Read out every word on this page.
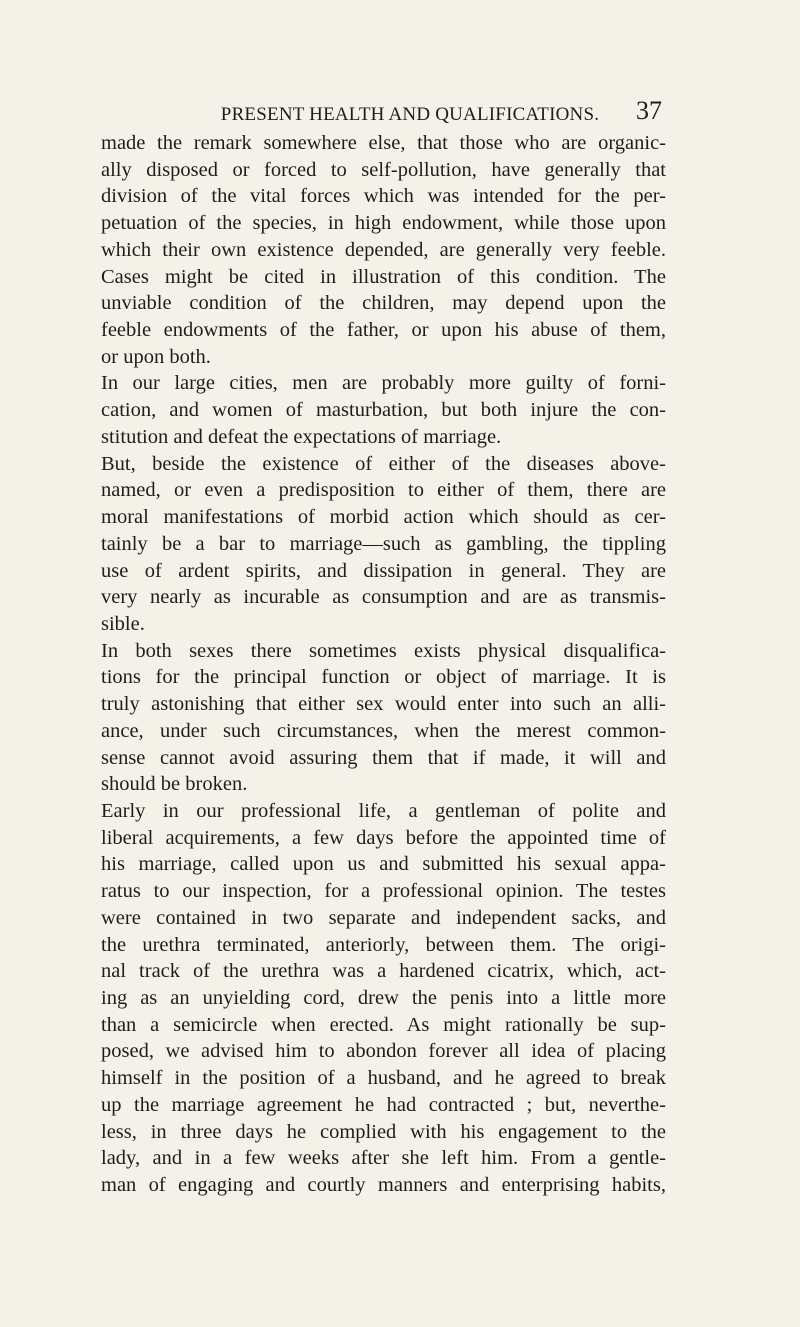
PRESENT HEALTH AND QUALIFICATIONS.	37
made the remark somewhere else, that those who are organic-
ally disposed or forced to self-pollution, have generally that
division of the vital forces which was intended for the per-
petuation of the species, in high endowment, while those upon
which their own existence depended, are generally very feeble.
Cases might be cited in illustration of this condition. The
unviable condition of the children, may depend upon the
feeble endowments of the father, or upon his abuse of them,
or upon both.
In our large cities, men are probably more guilty of forni-
cation, and women of masturbation, but both injure the con-
stitution and defeat the expectations of marriage.
But, beside the existence of either of the diseases above-
named, or even a predisposition to either of them, there are
moral manifestations of morbid action which should as cer-
tainly be a bar to marriage—such as gambling, the tippling
use of ardent spirits, and dissipation in general. They are
very nearly as incurable as consumption and are as transmis-
sible.
In both sexes there sometimes exists physical disqualifica-
tions for the principal function or object of marriage. It is
truly astonishing that either sex would enter into such an alli-
ance, under such circumstances, when the merest common-
sense cannot avoid assuring them that if made, it will and
should be broken.
Early in our professional life, a gentleman of polite and
liberal acquirements, a few days before the appointed time of
his marriage, called upon us and submitted his sexual appa-
ratus to our inspection, for a professional opinion. The testes
were contained in two separate and independent sacks, and
the urethra terminated, anteriorly, between them. The origi-
nal track of the urethra was a hardened cicatrix, which, act-
ing as an unyielding cord, drew the penis into a little more
than a semicircle when erected. As might rationally be sup-
posed, we advised him to abondon forever all idea of placing
himself in the position of a husband, and he agreed to break
up the marriage agreement he had contracted ; but, neverthe-
less, in three days he complied with his engagement to the
lady, and in a few weeks after she left him. From a gentle-
man of engaging and courtly manners and enterprising habits,
